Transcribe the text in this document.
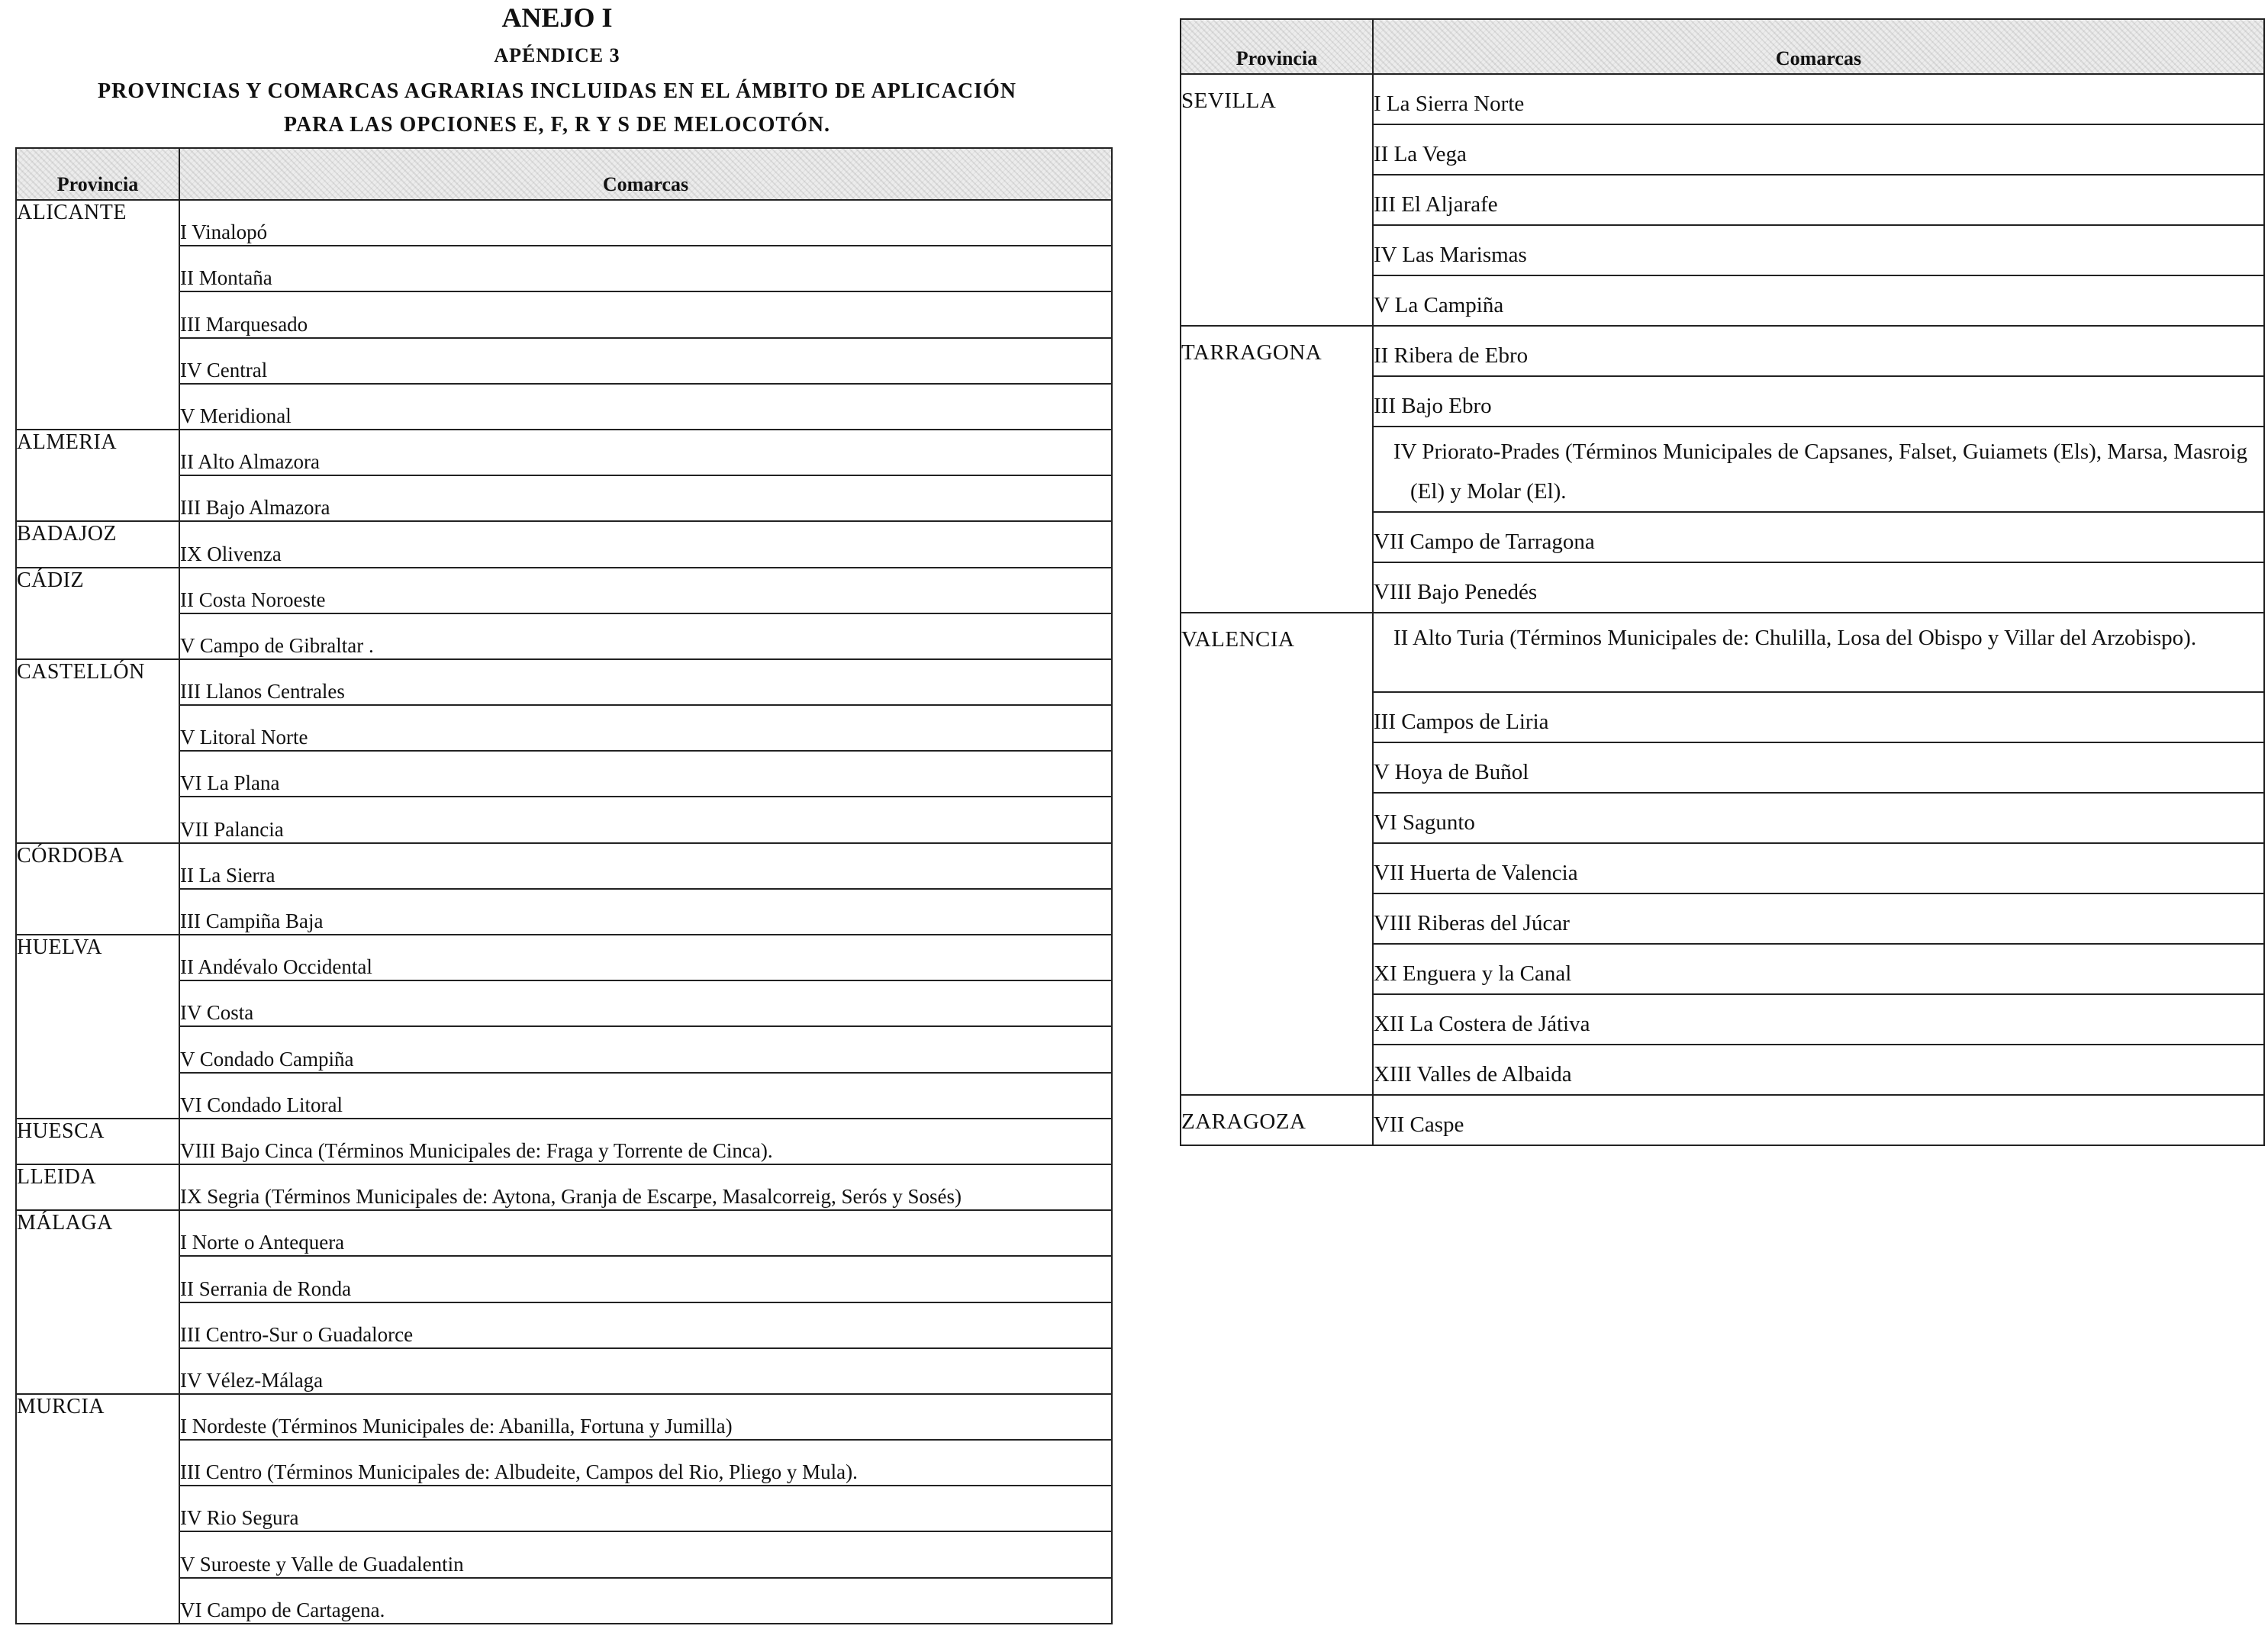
ANEJO I
APÉNDICE 3
PROVINCIAS Y COMARCAS AGRARIAS INCLUIDAS EN EL ÁMBITO DE APLICACIÓN
PARA LAS OPCIONES E, F, R Y S DE MELOCOTÓN.
Provincia	Comarcas
ALICANTE	I Vinalopó
	II Montaña
	III Marquesado
	IV Central
	V Meridional
ALMERIA	II Alto Almazora
	III Bajo Almazora
BADAJOZ	IX Olivenza
CÁDIZ	II Costa Noroeste
	V Campo de Gibraltar .
CASTELLÓN	III Llanos Centrales
	V Litoral Norte
	VI La Plana
	VII Palancia
CÓRDOBA	II La Sierra
	III Campiña Baja
HUELVA	II Andévalo Occidental
	IV Costa
	V Condado Campiña
	VI Condado Litoral
HUESCA	VIII Bajo Cinca (Términos Municipales de: Fraga y Torrente de Cinca).
LLEIDA	IX Segria (Términos Municipales de: Aytona, Granja de Escarpe, Masalcorreig, Serós y Sosés)
MÁLAGA	I Norte o Antequera
	II Serrania de Ronda
	III Centro-Sur o Guadalorce
	IV Vélez-Málaga
MURCIA	I Nordeste (Términos Municipales de: Abanilla, Fortuna y Jumilla)
	III Centro (Términos Municipales de: Albudeite, Campos del Rio, Pliego y Mula).
	IV Rio Segura
	V Suroeste y Valle de Guadalentin
	VI Campo de Cartagena.
Provincia	Comarcas
SEVILLA	I La Sierra Norte
	II La Vega
	III El Aljarafe
	IV Las Marismas
	V La Campiña
TARRAGONA	II Ribera de Ebro
	III Bajo Ebro
	IV Priorato-Prades (Términos Municipales de Capsanes, Falset, Guiamets (Els), Marsa, Masroig (El) y Molar (El).
	VII Campo de Tarragona
	VIII Bajo Penedés
VALENCIA	II Alto Turia (Términos Municipales de: Chulilla, Losa del Obispo y Villar del Arzobispo).
	III Campos de Liria
	V Hoya de Buñol
	VI Sagunto
	VII Huerta de Valencia
	VIII Riberas del Júcar
	XI Enguera y la Canal
	XII La Costera de Játiva
	XIII Valles de Albaida
ZARAGOZA	VII Caspe
